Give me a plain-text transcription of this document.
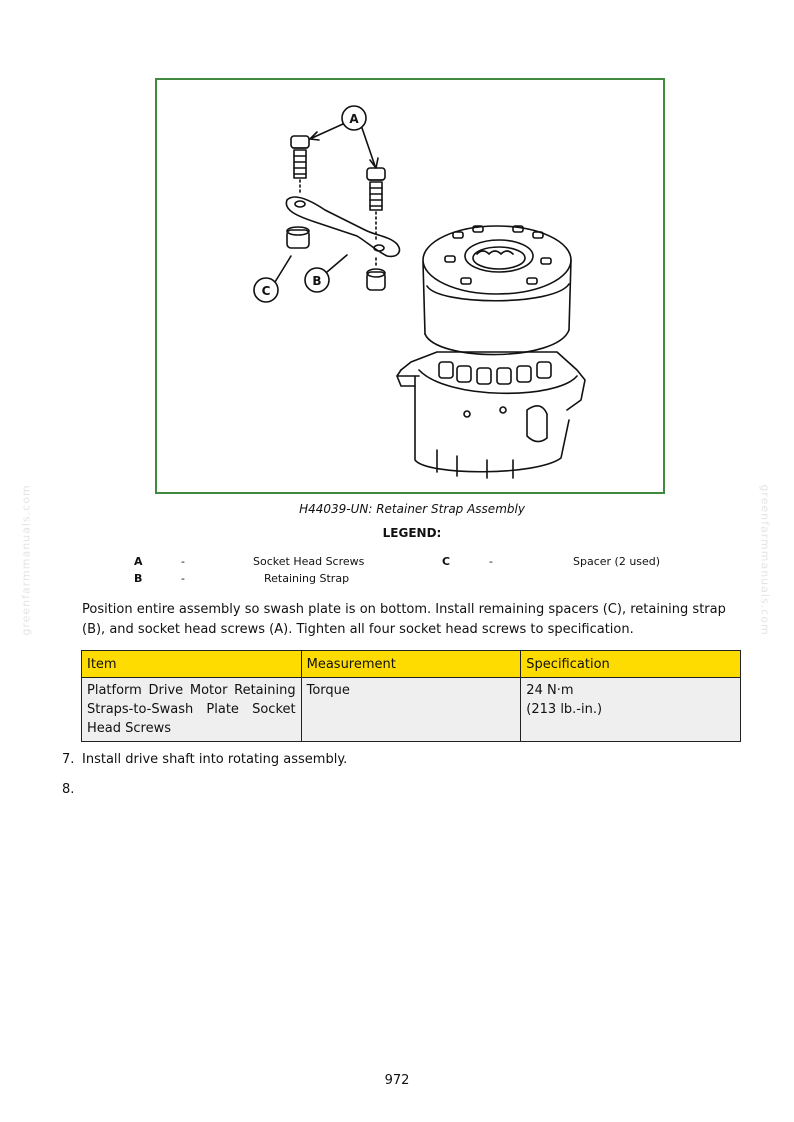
A
B
C
H44039-UN: Retainer Strap Assembly
LEGEND:
A	-	Socket Head Screws
B	-	Retaining Strap
C	-	Spacer (2 used)
greenfarmmanuals.com	greenfarmmanuals.com
Position entire assembly so swash plate is on bottom. Install remaining spacers (C), retaining strap (B), and socket head screws (A). Tighten all four socket head screws to specification.
Item	Measurement	Specification
Platform Drive Motor Retaining Straps-to-Swash Plate Socket Head Screws	Torque	24 N·m
(213 lb.-in.)
7. Install drive shaft into rotating assembly.
8.
972
